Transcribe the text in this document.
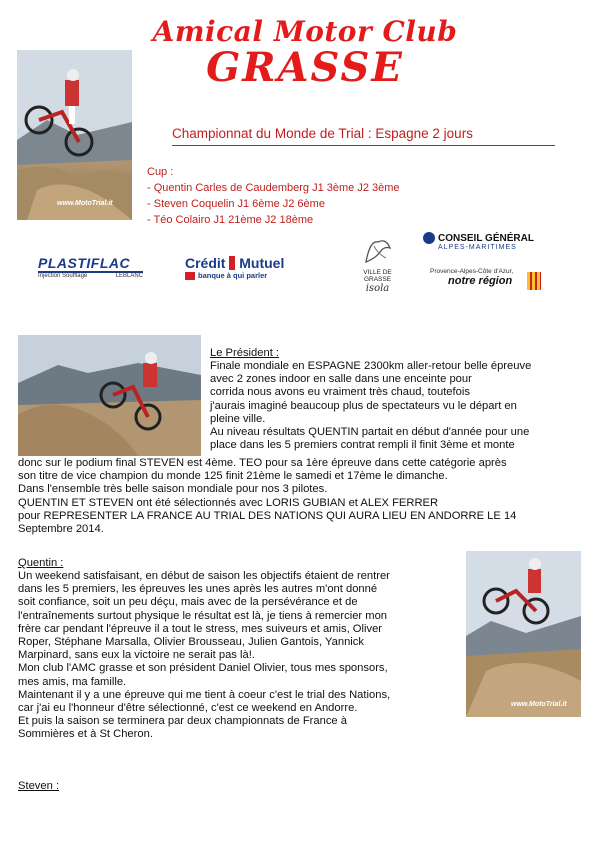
Amical Motor Club
GRASSE
www.MotoTrial.it
Championnat du Monde de Trial : Espagne 2 jours
Cup :
- Quentin Carles de Caudemberg J1 3ème J2 3ème
- Steven Coquelin J1 6ème J2 6ème
- Téo Colairo J1 21ème J2 18ème
PLASTIFLAC
Injection Soufflage	LEBLANC
Crédit Mutuel
banque à qui parler	VILLE DE GRASSE
isola
CONSEIL GÉNÉRAL
ALPES-MARITIMES
Provence-Alpes-Côte d'Azur,
notre région
Le Président :
Finale mondiale en ESPAGNE 2300km aller-retour belle épreuve
avec 2 zones indoor en salle dans une enceinte pour
corrida nous avons eu vraiment très chaud, toutefois
j'aurais imaginé beaucoup plus de spectateurs vu le départ en
pleine ville.
Au niveau résultats QUENTIN partait en début d'année pour une
place dans les 5 premiers contrat rempli il finit 3ème et monte
donc sur le podium final STEVEN est 4ème. TEO pour sa 1ère épreuve dans cette catégorie après
son titre de vice champion du monde 125 finit 21ème le samedi et 17ème le dimanche.
Dans l'ensemble très belle saison mondiale pour nos 3 pilotes.
QUENTIN ET STEVEN ont été sélectionnés avec LORIS GUBIAN et ALEX FERRER
pour REPRESENTER LA FRANCE AU TRIAL DES NATIONS QUI AURA LIEU EN ANDORRE LE 14
Septembre 2014.
Quentin :
Un weekend satisfaisant, en début de saison les objectifs étaient de rentrer
dans les 5 premiers, les épreuves les unes après les autres m'ont donné
soit confiance, soit un peu déçu, mais avec de la persévérance et de
l'entraînements surtout physique le résultat est là, je tiens à remercier mon
frère car pendant l'épreuve il a tout le stress, mes suiveurs et amis, Oliver
Roper, Stéphane Marsalla, Olivier Brousseau, Julien Gantois, Yannick
Marpinard, sans eux la victoire ne serait pas là!.
Mon club l'AMC grasse et son président Daniel Olivier, tous mes sponsors,
mes amis, ma famille.
Maintenant il y a une épreuve qui me tient à coeur c'est le trial des Nations,
car j'ai eu l'honneur d'être sélectionné, c'est ce weekend en Andorre.
Et puis la saison se terminera par deux championnats de France à
Sommières et à St Cheron.
www.MotoTrial.it
Steven :
